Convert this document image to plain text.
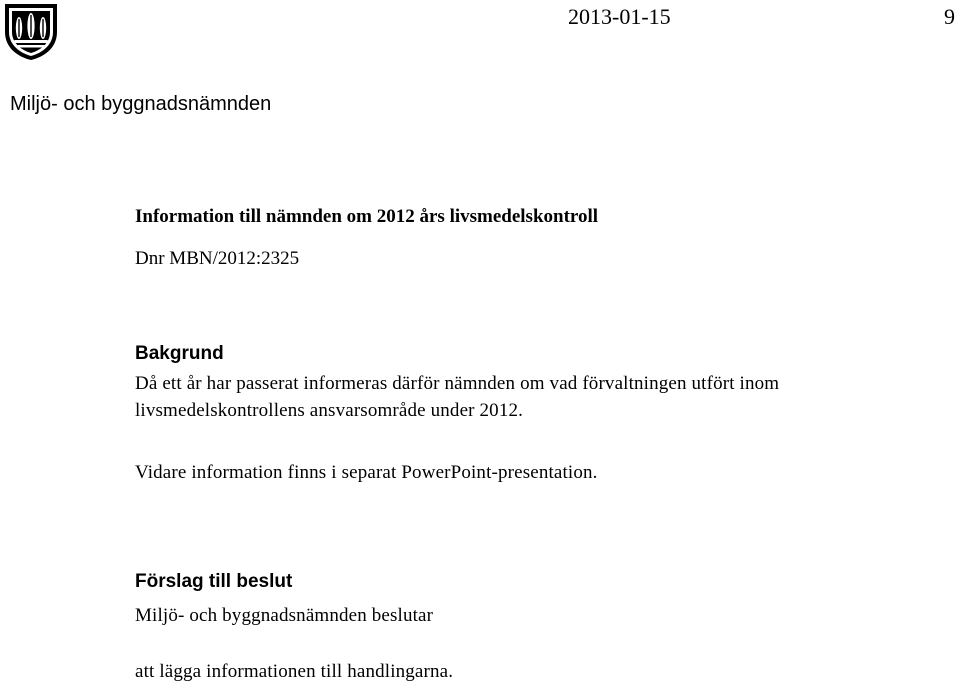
2013-01-15	9
Miljö- och byggnadsnämnden
Information till nämnden om 2012 års livsmedelskontroll
Dnr MBN/2012:2325
Bakgrund
Då ett år har passerat informeras därför nämnden om vad förvaltningen utfört inom
livsmedelskontrollens ansvarsområde under 2012.
Vidare information finns i separat PowerPoint-presentation.
Förslag till beslut
Miljö- och byggnadsnämnden beslutar
att lägga informationen till handlingarna.
